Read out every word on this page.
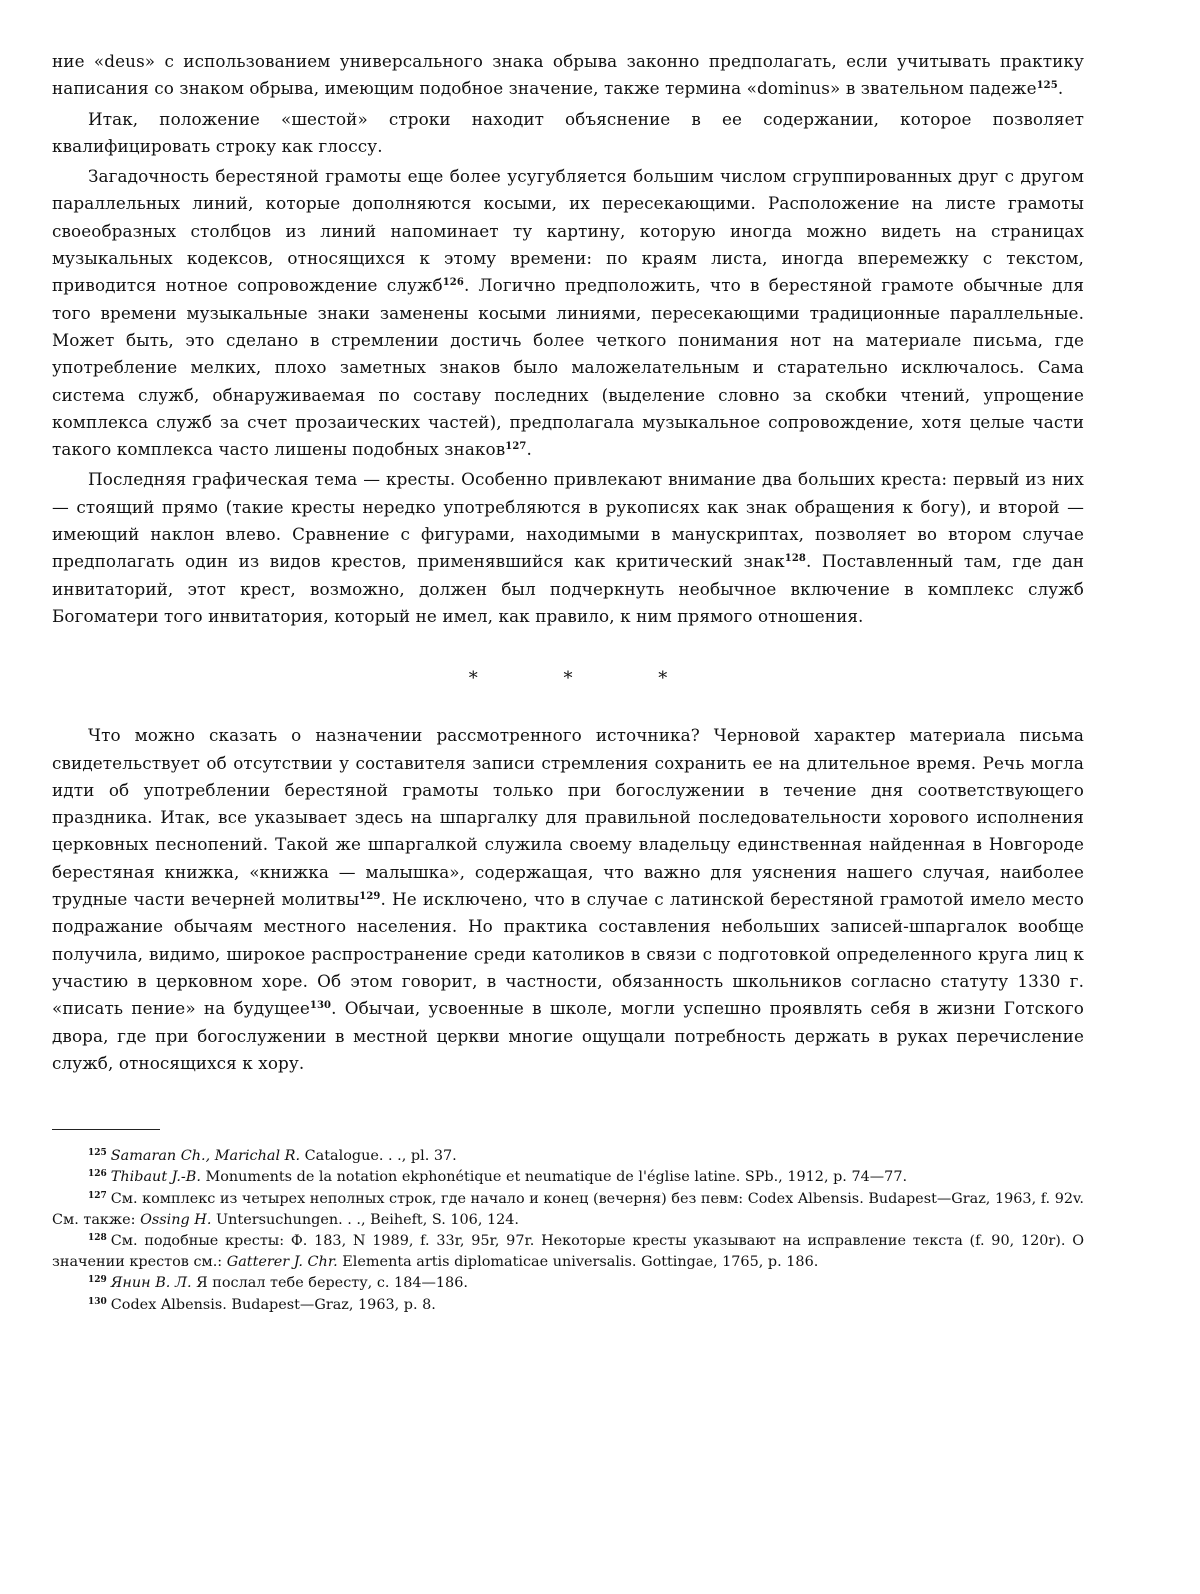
ние «deus» с использованием универсального знака обрыва законно предполагать, если учитывать практику написания со знаком обрыва, имеющим подобное значение, также термина «dominus» в звательном падеже$^{125}$.

Итак, положение «шестой» строки находит объяснение в ее содержании, которое позволяет квалифицировать строку как глоссу.

Загадочность берестяной грамоты еще более усугубляется большим числом сгруппированных друг с другом параллельных линий, которые дополняются косыми, их пересекающими. Расположение на листе грамоты своеобразных столбцов из линий напоминает ту картину, которую иногда можно видеть на страницах музыкальных кодексов, относящихся к этому времени: по краям листа, иногда вперемежку с текстом, приводится нотное сопровождение служб$^{126}$. Логично предположить, что в берестяной грамоте обычные для того времени музыкальные знаки заменены косыми линиями, пересекающими традиционные параллельные. Может быть, это сделано в стремлении достичь более четкого понимания нот на материале письма, где употребление мелких, плохо заметных знаков было маложелательным и старательно исключалось. Сама система служб, обнаруживаемая по составу последних (выделение словно за скобки чтений, упрощение комплекса служб за счет прозаических частей), предполагала музыкальное сопровождение, хотя целые части такого комплекса часто лишены подобных знаков$^{127}$.

Последняя графическая тема — кресты. Особенно привлекают внимание два больших креста: первый из них — стоящий прямо (такие кресты нередко употребляются в рукописях как знак обращения к богу), и второй — имеющий наклон влево. Сравнение с фигурами, находимыми в манускриптах, позволяет во втором случае предполагать один из видов крестов, применявшийся как критический знак$^{128}$. Поставленный там, где дан инвитаторий, этот крест, возможно, должен был подчеркнуть необычное включение в комплекс служб Богоматери того инвитатория, который не имел, как правило, к ним прямого отношения.

* * *

Что можно сказать о назначении рассмотренного источника? Черновой характер материала письма свидетельствует об отсутствии у составителя записи стремления сохранить ее на длительное время. Речь могла идти об употреблении берестяной грамоты только при богослужении в течение дня соответствующего праздника. Итак, все указывает здесь на шпаргалку для правильной последовательности хорового исполнения церковных песнопений. Такой же шпаргалкой служила своему владельцу единственная найденная в Новгороде берестяная книжка, «книжка — малышка», содержащая, что важно для уяснения нашего случая, наиболее трудные части вечерней молитвы$^{129}$. Не исключено, что в случае с латинской берестяной грамотой имело место подражание обычаям местного населения. Но практика составления небольших записей-шпаргалок вообще получила, видимо, широкое распространение среди католиков в связи с подготовкой определенного круга лиц к участию в церковном хоре. Об этом говорит, в частности, обязанность школьников согласно статуту 1330 г. «писать пение» на будущее$^{130}$. Обычаи, усвоенные в школе, могли успешно проявлять себя в жизни Готского двора, где при богослужении в местной церкви многие ощущали потребность держать в руках перечисление служб, относящихся к хору.

$^{125}$ Samaran Ch., Marichal R. Catalogue. . ., pl. 37.

$^{126}$ Thibaut J.-B. Monuments de la notation ekphonétique et neumatique de l'église latine. SPb., 1912, p. 74—77.

$^{127}$ См. комплекс из четырех неполных строк, где начало и конец (вечерня) без певм: Codex Albensis. Budapest—Graz, 1963, f. 92v. См. также: Ossing H. Untersuchungen. . ., Beiheft, S. 106, 124.

$^{128}$ См. подобные кресты: Ф. 183, N 1989, f. 33r, 95r, 97r. Некоторые кресты указывают на исправление текста (f. 90, 120r). О значении крестов см.: Gatterer J. Chr. Elementa artis diplomaticae universalis. Gottingae, 1765, p. 186.

$^{129}$ Янин В. Л. Я послал тебе бересту, с. 184—186.

$^{130}$ Codex Albensis. Budapest—Graz, 1963, p. 8.
